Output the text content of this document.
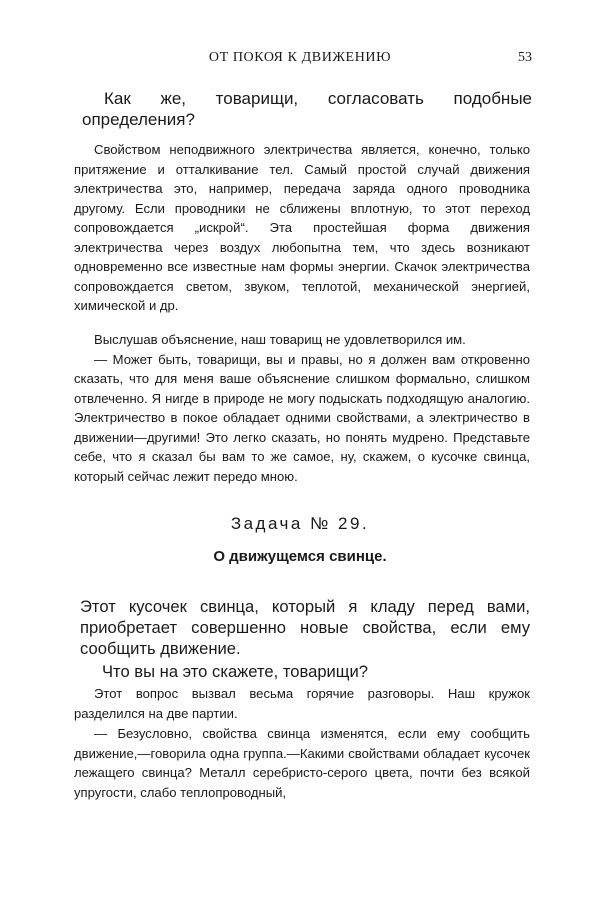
ОТ ПОКОЯ К ДВИЖЕНИЮ	53
Как же, товарищи, согласовать подобные определения?

Свойством неподвижного электричества является, конечно, только притяжение и отталкивание тел. Самый простой случай движения электричества это, например, передача заряда одного проводника другому. Если проводники не сближены вплотную, то этот переход сопровождается „искрой“. Эта простейшая форма движения электричества через воздух любопытна тем, что здесь возникают одновременно все известные нам формы энергии. Скачок электричества сопровождается светом, звуком, теплотой, механической энергией, химической и др.

Выслушав объяснение, наш товарищ не удовлетворился им.

— Может быть, товарищи, вы и правы, но я должен вам откровенно сказать, что для меня ваше объяснение слишком формально, слишком отвлеченно. Я нигде в природе не могу подыскать подходящую аналогию. Электричество в покое обладает одними свойствами, а электричество в движении—другими! Это легко сказать, но понять мудрено. Представьте себе, что я сказал бы вам то же самое, ну, скажем, о кусочке свинца, который сейчас лежит передо мною.

Задача № 29.
О движущемся свинце.

Этот кусочек свинца, который я кладу перед вами, приобретает совершенно новые свойства, если ему сообщить движение.

Что вы на это скажете, товарищи?

Этот вопрос вызвал весьма горячие разговоры. Наш кружок разделился на две партии.

— Безусловно, свойства свинца изменятся, если ему сообщить движение,—говорила одна группа.—Какими свойствами обладает кусочек лежащего свинца? Металл серебристо-серого цвета, почти без всякой упругости, слабо теплопроводный,
